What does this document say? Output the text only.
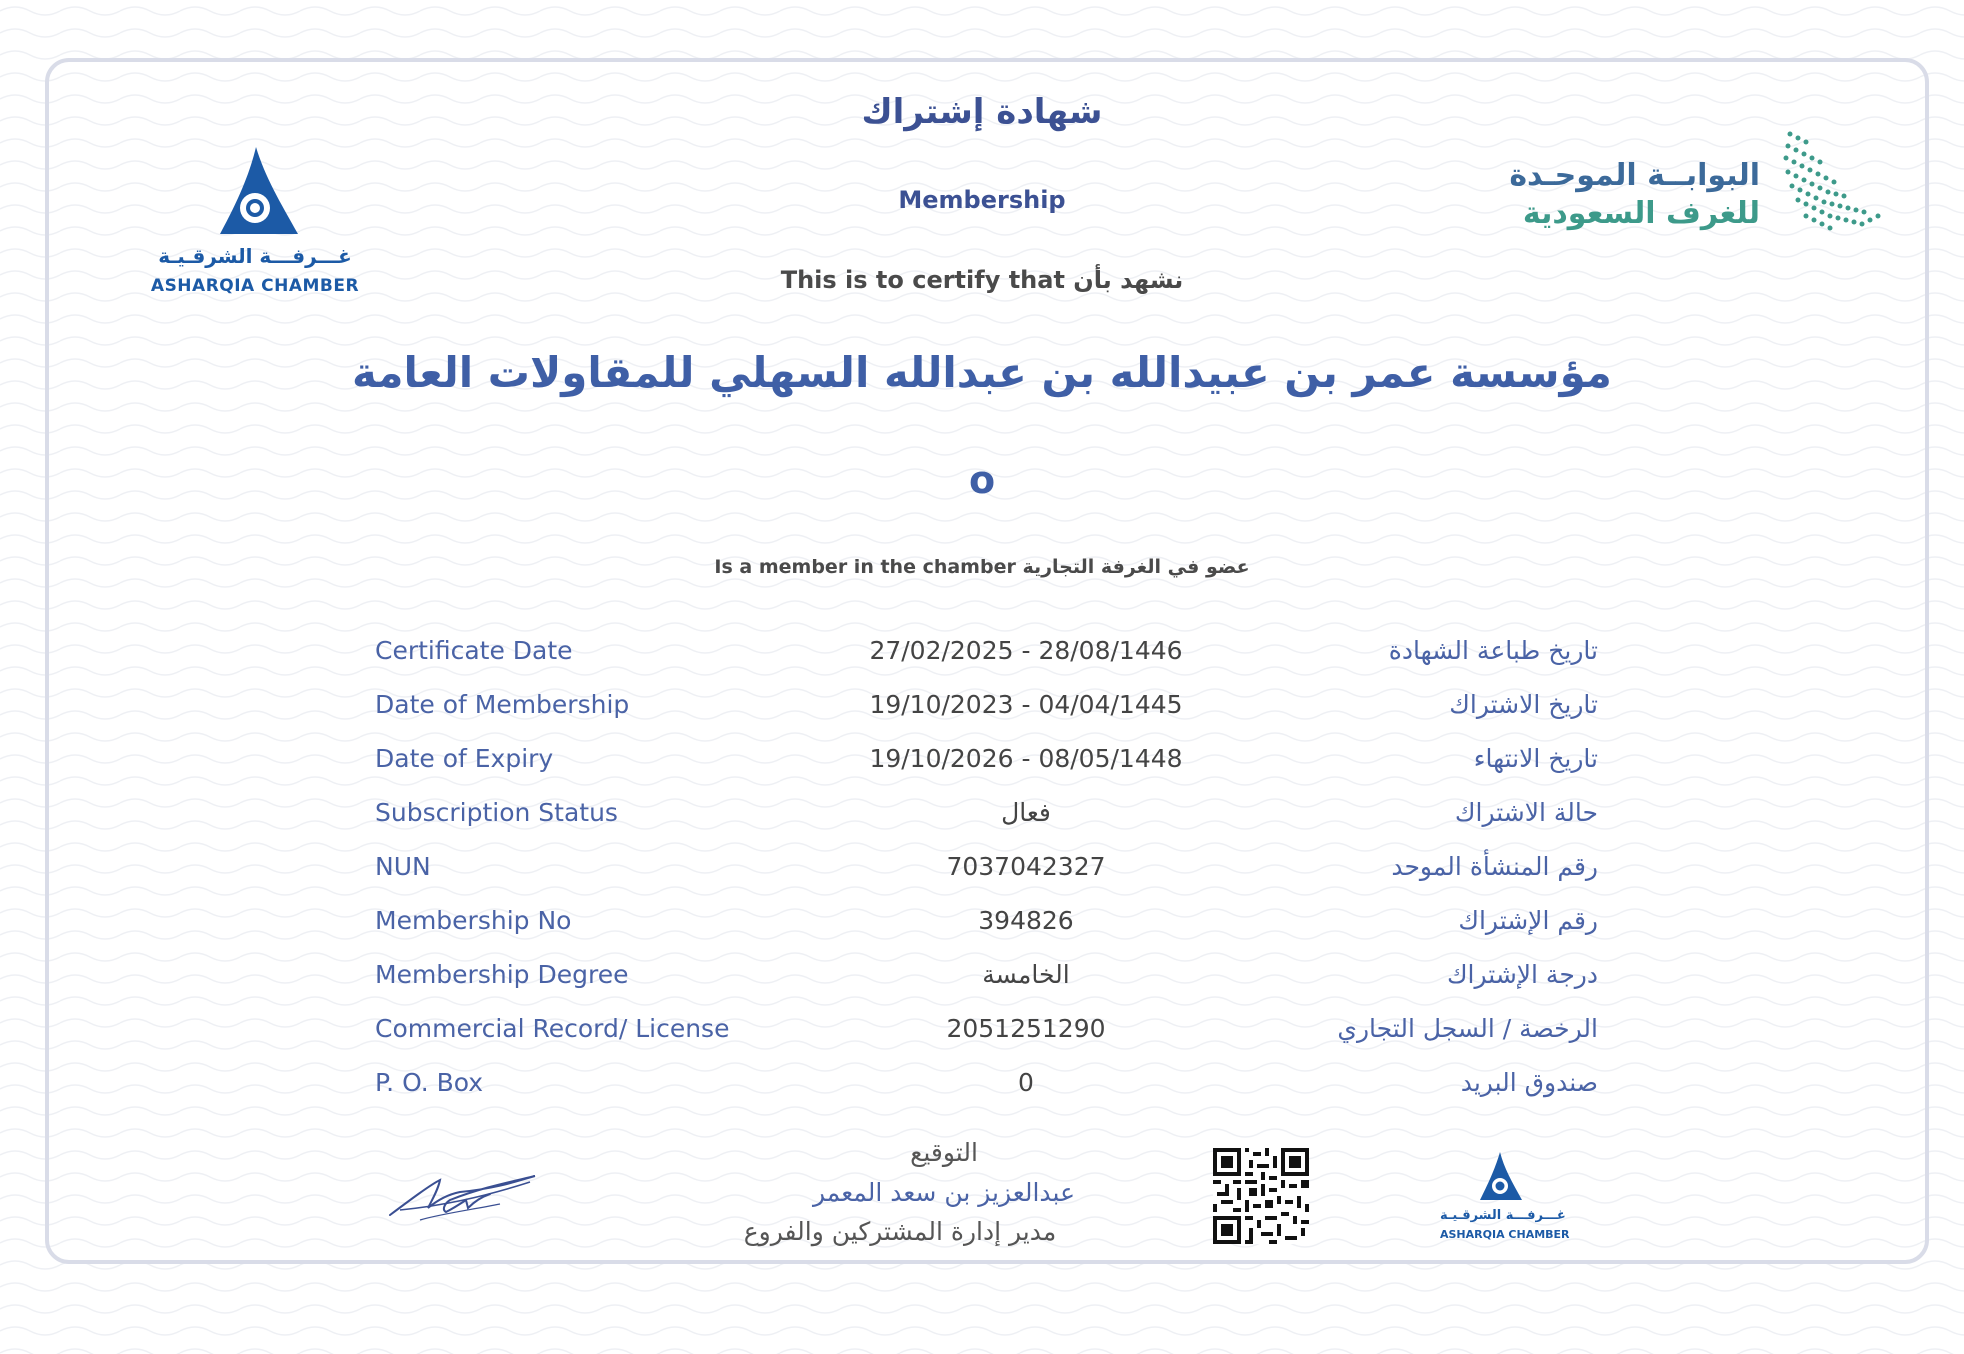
غـــرفـــة الشرقـيـة
ASHARQIA CHAMBER
البوابــة الموحـدة
للغرف السعودية
شهادة إشتراك
Membership
This is to certify that نشهد بأن
مؤسسة عمر بن عبيدالله بن عبدالله السهلي للمقاولات العامة
o
Is a member in the chamber عضو في الغرفة التجارية
Certificate Date	27/02/2025 - 28/08/1446	تاريخ طباعة الشهادة
Date of Membership	19/10/2023 - 04/04/1445	تاريخ الاشتراك
Date of Expiry	19/10/2026 - 08/05/1448	تاريخ الانتهاء
Subscription Status	فعال	حالة الاشتراك
NUN	7037042327	رقم المنشأة الموحد
Membership No	394826	رقم الإشتراك
Membership Degree	الخامسة	درجة الإشتراك
Commercial Record/ License	2051251290	الرخصة / السجل التجاري
P. O. Box	0	صندوق البريد
التوقيع
عبدالعزيز بن سعد المعمر
مدير إدارة المشتركين والفروع
غـــرفـــة الشرقـيـة
ASHARQIA CHAMBER
